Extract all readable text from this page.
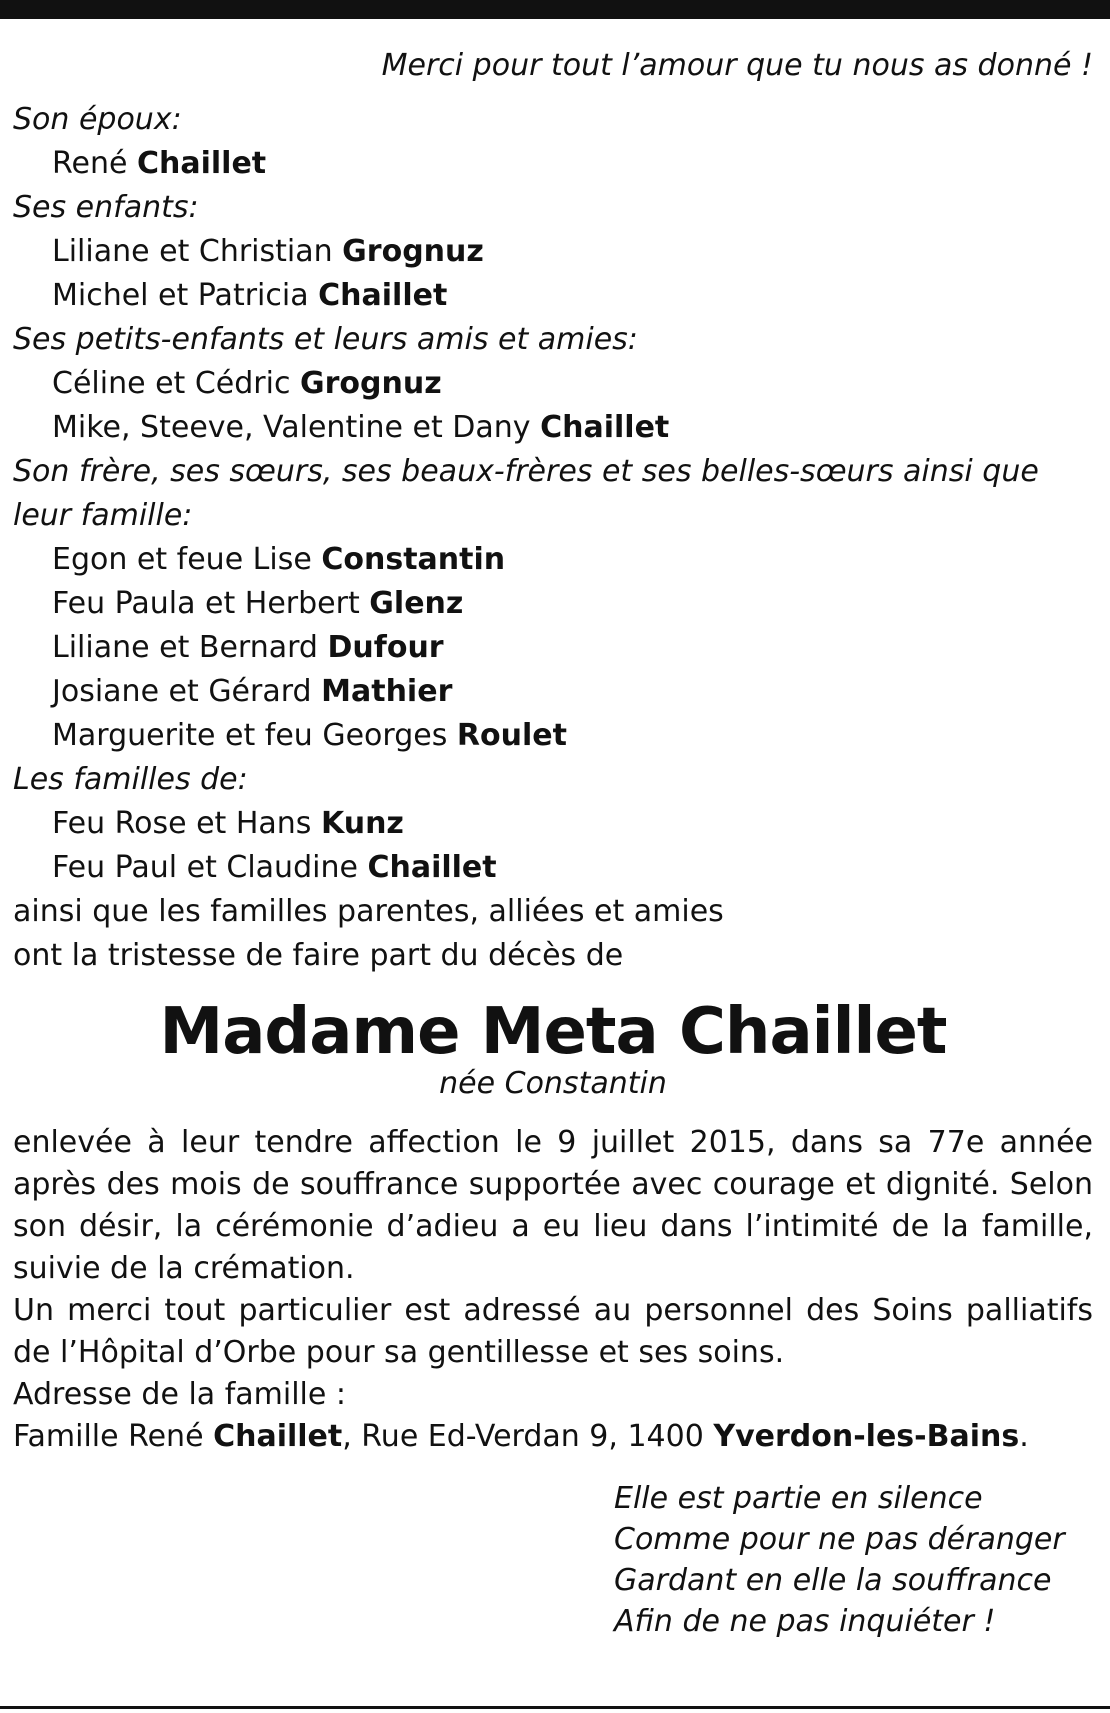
Merci pour tout l’amour que tu nous as donné !
Son époux:
René Chaillet
Ses enfants:
Liliane et Christian Grognuz
Michel et Patricia Chaillet
Ses petits-enfants et leurs amis et amies:
Céline et Cédric Grognuz
Mike, Steeve, Valentine et Dany Chaillet
Son frère, ses sœurs, ses beaux-frères et ses belles-sœurs ainsi que leur famille:
Egon et feue Lise Constantin
Feu Paula et Herbert Glenz
Liliane et Bernard Dufour
Josiane et Gérard Mathier
Marguerite et feu Georges Roulet
Les familles de:
Feu Rose et Hans Kunz
Feu Paul et Claudine Chaillet
ainsi que les familles parentes, alliées et amies
ont la tristesse de faire part du décès de
Madame Meta Chaillet
née Constantin
enlevée à leur tendre affection le 9 juillet 2015, dans sa 77e année après des mois de souffrance supportée avec courage et dignité. Selon son désir, la cérémonie d’adieu a eu lieu dans l’intimité de la famille, suivie de la crémation.
Un merci tout particulier est adressé au personnel des Soins palliatifs de l’Hôpital d’Orbe pour sa gentillesse et ses soins.
Adresse de la famille :
Famille René Chaillet, Rue Ed-Verdan 9, 1400 Yverdon-les-Bains.
Elle est partie en silence
Comme pour ne pas déranger
Gardant en elle la souffrance
Afin de ne pas inquiéter !
